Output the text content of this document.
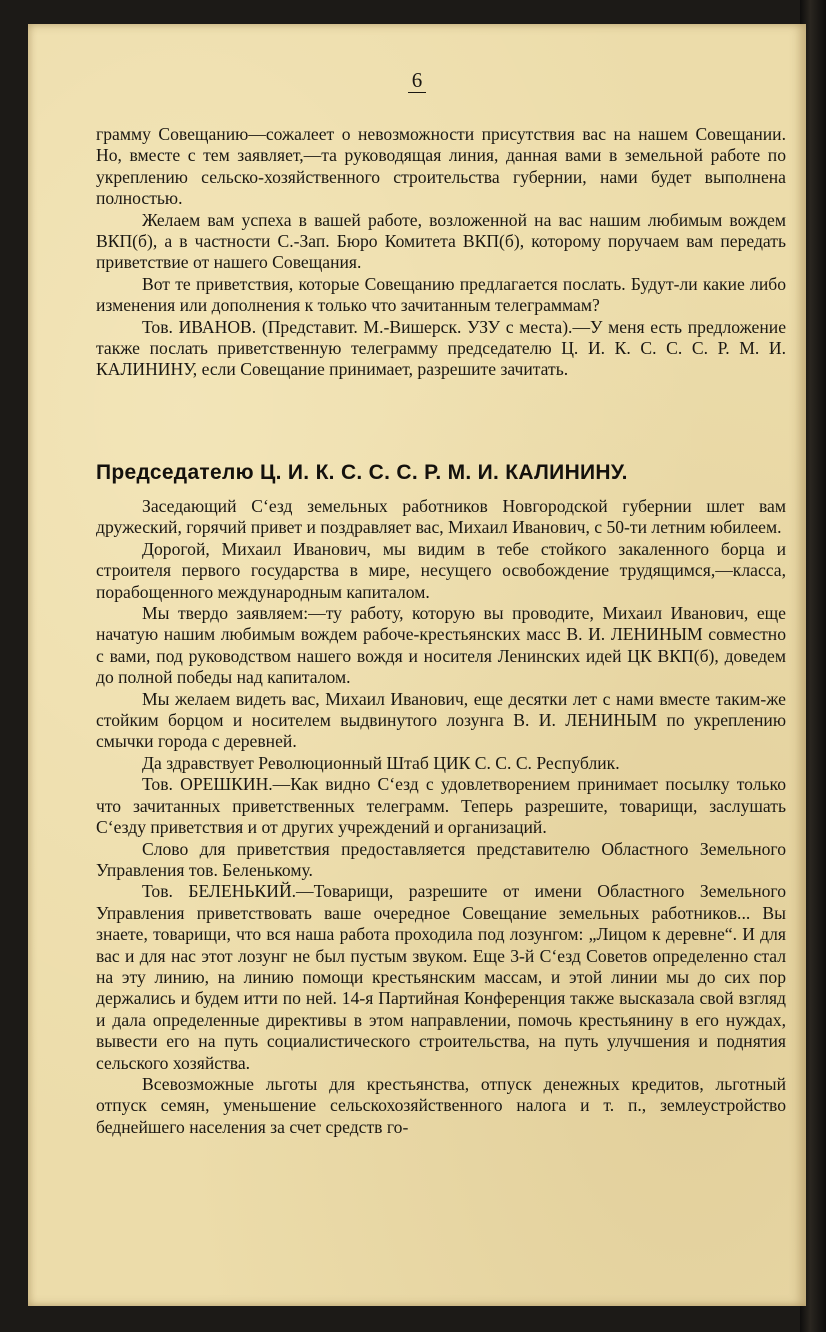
6

грамму Совещанию—сожалеет о невозможности присутствия вас на нашем Совещании. Но, вместе с тем заявляет,—та руководящая линия, данная вами в земельной работе по укреплению сельско-хозяйственного строительства губернии, нами будет выполнена полностью.

Желаем вам успеха в вашей работе, возложенной на вас нашим любимым вождем ВКП(б), а в частности С.-Зап. Бюро Комитета ВКП(б), которому поручаем вам передать приветствие от нашего Совещания.

Вот те приветствия, которые Совещанию предлагается послать. Будут-ли какие либо изменения или дополнения к только что зачитанным телеграммам?

Тов. ИВАНОВ. (Представит. М.-Вишерск. УЗУ с места).—У меня есть предложение также послать приветственную телеграмму председателю Ц. И. К. С. С. С. Р. М. И. КАЛИНИНУ, если Совещание принимает, разрешите зачитать.

Председателю Ц. И. К. С. С. С. Р. М. И. КАЛИНИНУ.

Заседающий С‘езд земельных работников Новгородской губернии шлет вам дружеский, горячий привет и поздравляет вас, Михаил Иванович, с 50-ти летним юбилеем.

Дорогой, Михаил Иванович, мы видим в тебе стойкого закаленного борца и строителя первого государства в мире, несущего освобождение трудящимся,—класса, порабощенного международным капиталом.

Мы твердо заявляем:—ту работу, которую вы проводите, Михаил Иванович, еще начатую нашим любимым вождем рабоче-крестьянских масс В. И. ЛЕНИНЫМ совместно с вами, под руководством нашего вождя и носителя Ленинских идей ЦК ВКП(б), доведем до полной победы над капиталом.

Мы желаем видеть вас, Михаил Иванович, еще десятки лет с нами вместе таким-же стойким борцом и носителем выдвинутого лозунга В. И. ЛЕНИНЫМ по укреплению смычки города с деревней.

Да здравствует Революционный Штаб ЦИК С. С. С. Республик.

Тов. ОРЕШКИН.—Как видно С‘езд с удовлетворением принимает посылку только что зачитанных приветственных телеграмм. Теперь разрешите, товарищи, заслушать С‘езду приветствия и от других учреждений и организаций.

Слово для приветствия предоставляется представителю Областного Земельного Управления тов. Беленькому.

Тов. БЕЛЕНЬКИЙ.—Товарищи, разрешите от имени Областного Земельного Управления приветствовать ваше очередное Совещание земельных работников... Вы знаете, товарищи, что вся наша работа проходила под лозунгом: „Лицом к деревне“. И для вас и для нас этот лозунг не был пустым звуком. Еще 3-й С‘езд Советов определенно стал на эту линию, на линию помощи крестьянским массам, и этой линии мы до сих пор держались и будем итти по ней. 14-я Партийная Конференция также высказала свой взгляд и дала определенные директивы в этом направлении, помочь крестьянину в его нуждах, вывести его на путь социалистического строительства, на путь улучшения и поднятия сельского хозяйства.

Всевозможные льготы для крестьянства, отпуск денежных кредитов, льготный отпуск семян, уменьшение сельскохозяйственного налога и т. п., землеустройство беднейшего населения за счет средств го-
